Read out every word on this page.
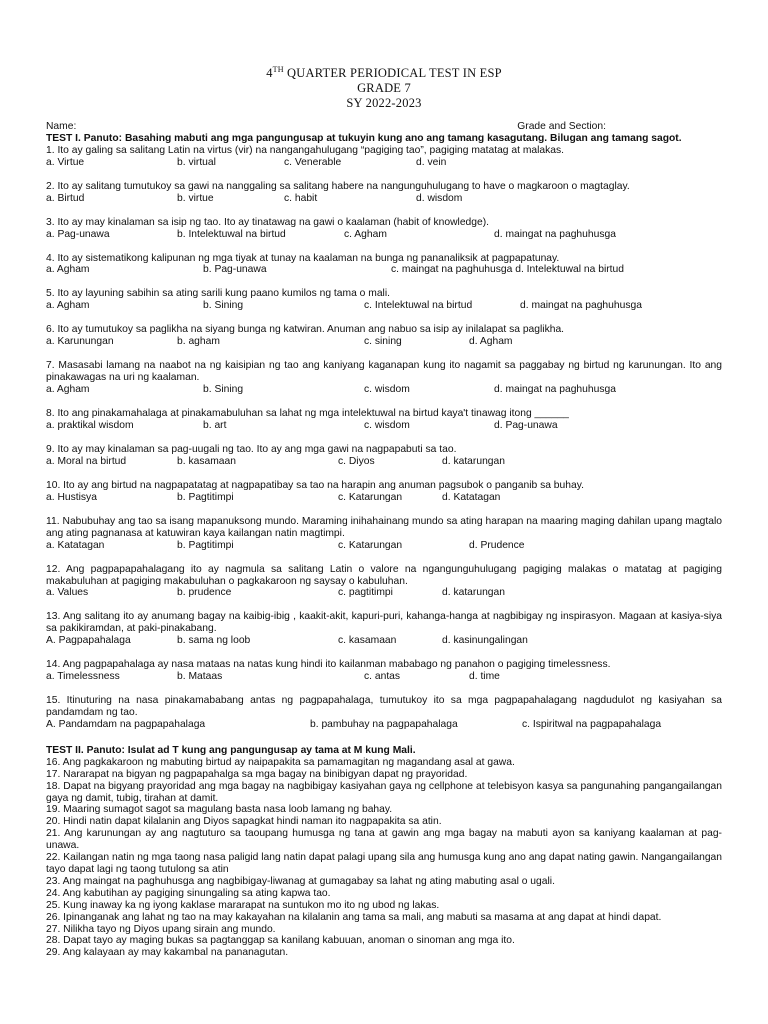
4TH QUARTER PERIODICAL TEST IN ESP
GRADE 7
SY 2022-2023
Name:	Grade and Section:
TEST I. Panuto: Basahing mabuti ang mga pangungusap at tukuyin kung ano ang tamang kasagutang. Bilugan ang tamang sagot.
1. Ito ay galing sa salitang Latin na virtus (vir) na nangangahulugang “pagiging tao”, pagiging matatag at malakas.
a. Virtue	b. virtual	c. Venerable	d. vein
2. Ito ay salitang tumutukoy sa gawi na nanggaling sa salitang habere na nangunguhulugang to have o magkaroon o magtaglay.
a. Birtud	b. virtue	c. habit	d. wisdom
3. Ito ay may kinalaman sa isip ng tao. Ito ay tinatawag na gawi o kaalaman (habit of knowledge).
a. Pag-unawa	b. Intelektuwal na birtud	c. Agham	d. maingat na paghuhusga
4. Ito ay sistematikong kalipunan ng mga tiyak at tunay na kaalaman na bunga ng pananaliksik at pagpapatunay.
a. Agham	b. Pag-unawa	c. maingat na paghuhusga d. Intelektuwal na birtud
5. Ito ay layuning sabihin sa ating sarili kung paano kumilos ng tama o mali.
a. Agham	b. Sining	c. Intelektuwal na birtud	d. maingat na paghuhusga
6. Ito ay tumutukoy sa paglikha na siyang bunga ng katwiran. Anuman ang nabuo sa isip ay inilalapat sa paglikha.
a. Karunungan	b. agham	c. sining	d. Agham
7. Masasabi lamang na naabot na ng kaisipian ng tao ang kaniyang kaganapan kung ito nagamit sa paggabay ng birtud ng karunungan. Ito ang pinakawagas na uri ng kaalaman.
a. Agham	b. Sining	c. wisdom	d. maingat na paghuhusga
8. Ito ang pinakamahalaga at pinakamabuluhan sa lahat ng mga intelektuwal na birtud kaya't tinawag itong ______
a. praktikal wisdom	b. art	c. wisdom	d. Pag-unawa
9. Ito ay may kinalaman sa pag-uugali ng tao. Ito ay ang mga gawi na nagpapabuti sa tao.
a. Moral na birtud	b. kasamaan	c. Diyos	d. katarungan
10. Ito ay ang birtud na nagpapatatag at nagpapatibay sa tao na harapin ang anuman pagsubok o panganib sa buhay.
a. Hustisya	b. Pagtitimpi	c. Katarungan	d. Katatagan
11. Nabubuhay ang tao sa isang mapanuksong mundo. Maraming inihahainang mundo sa ating harapan na maaring maging dahilan upang magtalo ang ating pagnanasa at katuwiran kaya kailangan natin magtimpi.
a. Katatagan	b. Pagtitimpi	c. Katarungan	d. Prudence
12. Ang pagpapapahalagang ito ay nagmula sa salitang Latin o valore na ngangunguhulugang pagiging malakas o matatag at pagiging makabuluhan at pagiging makabuluhan o pagkakaroon ng saysay o kabuluhan.
a. Values	b. prudence	c. pagtitimpi	d. katarungan
13. Ang salitang ito ay anumang bagay na kaibig-ibig , kaakit-akit, kapuri-puri, kahanga-hanga at nagbibigay ng inspirasyon. Magaan at kasiya-siya sa pakikiramdan, at paki-pinakabang.
A. Pagpapahalaga	b. sama ng loob	c. kasamaan	d. kasinungalingan
14. Ang pagpapahalaga ay nasa mataas na natas kung hindi ito kailanman mababago ng panahon o pagiging timelessness.
a. Timelessness	b. Mataas	c. antas	d. time
15. Itinuturing na nasa pinakamababang antas ng pagpapahalaga, tumutukoy ito sa mga pagpapahalagang nagdudulot ng kasiyahan sa pandamdam ng tao.
A. Pandamdam na pagpapahalaga	b. pambuhay na pagpapahalaga	c. Ispiritwal na pagpapahalaga
TEST II. Panuto: Isulat ad T kung ang pangungusap ay tama at M kung Mali.
16. Ang pagkakaroon ng mabuting birtud ay naipapakita sa pamamagitan ng magandang asal at gawa.
17. Nararapat na bigyan ng pagpapahalga sa mga bagay na binibigyan dapat ng prayoridad.
18. Dapat na bigyang prayoridad ang mga bagay na nagbibigay kasiyahan gaya ng cellphone at telebisyon kasya sa pangunahing pangangailangan gaya ng damit, tubig, tirahan at damit.
19. Maaring sumagot sagot sa magulang basta nasa loob lamang ng bahay.
20. Hindi natin dapat kilalanin ang Diyos sapagkat hindi naman ito nagpapakita sa atin.
21. Ang karunungan ay ang nagtuturo sa taoupang humusga ng tana at gawin ang mga bagay na mabuti ayon sa kaniyang kaalaman at pag-unawa.
22. Kailangan natin ng mga taong nasa paligid lang natin dapat palagi upang sila ang humusga kung ano ang dapat nating gawin. Nangangailangan tayo dapat lagi ng taong tutulong sa atin
23. Ang maingat na paghuhusga ang nagbibigay-liwanag at gumagabay sa lahat ng ating mabuting asal o ugali.
24. Ang kabutihan ay pagiging sinungaling sa ating kapwa tao.
25. Kung inaway ka ng iyong kaklase mararapat na suntukon mo ito ng ubod ng lakas.
26. Ipinanganak ang lahat ng tao na may kakayahan na kilalanin ang tama sa mali, ang mabuti sa masama at ang dapat at hindi dapat.
27. Nilikha tayo ng Diyos upang sirain ang mundo.
28. Dapat tayo ay maging bukas sa pagtanggap sa kanilang kabuuan, anoman o sinoman ang mga ito.
29. Ang kalayaan ay may kakambal na pananagutan.
